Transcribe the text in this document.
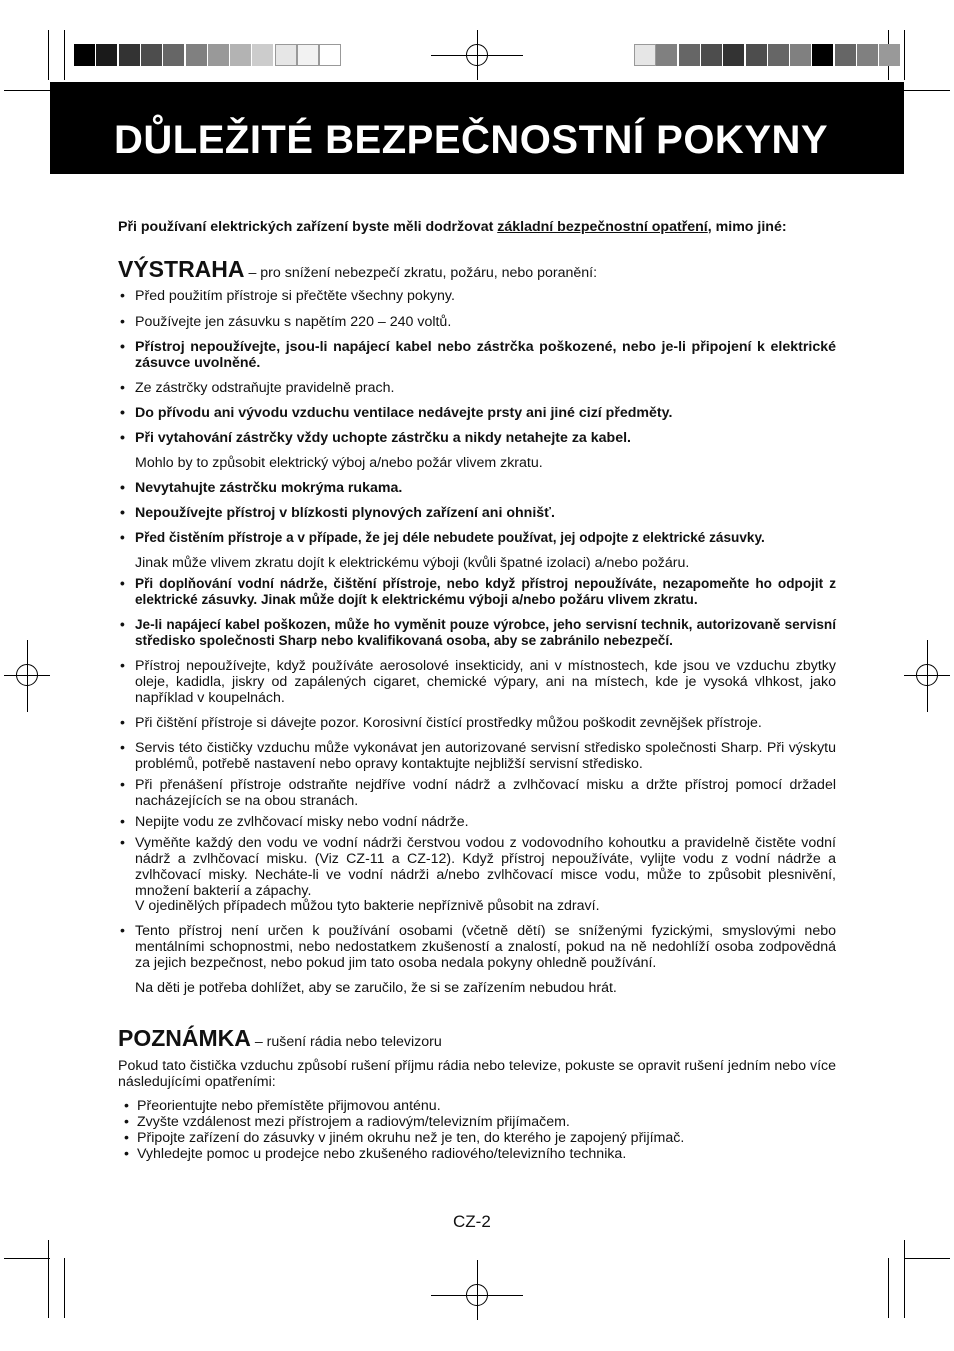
DŮLEŽITÉ BEZPEČNOSTNÍ POKYNY
Při používaní elektrických zařízení byste měli dodržovat základní bezpečnostní opatření, mimo jiné:
VÝSTRAHA – pro snížení nebezpečí zkratu, požáru, nebo poranění:
• Před použitím přístroje si přečtěte všechny pokyny.
• Používejte jen zásuvku s napětím 220 – 240 voltů.
• Přístroj nepoužívejte, jsou-li napájecí kabel nebo zástrčka poškozené, nebo je-li připojení k elektrické zásuvce uvolněné.
• Ze zástrčky odstraňujte pravidelně prach.
• Do přívodu ani vývodu vzduchu ventilace nedávejte prsty ani jiné cizí předměty.
• Při vytahování zástrčky vždy uchopte zástrčku a nikdy netahejte za kabel.
Mohlo by to způsobit elektrický výboj a/nebo požár vlivem zkratu.
• Nevytahujte zástrčku mokrýma rukama.
• Nepoužívejte přístroj v blízkosti plynových zařízení ani ohnišť.
• Před čistěním přístroje a v případe, že jej déle nebudete používat, jej odpojte z elektrické zásuvky.
Jinak může vlivem zkratu dojít k elektrickému výboji (kvůli špatné izolaci) a/nebo požáru.
• Při doplňování vodní nádrže, čištění přístroje, nebo když přístroj nepoužíváte, nezapomeňte ho odpojit z elektrické zásuvky. Jinak může dojít k elektrickému výboji a/nebo požáru vlivem zkratu.
• Je-li napájecí kabel poškozen, může ho vyměnit pouze výrobce, jeho servisní technik, autorizovaně servisní středisko společnosti Sharp nebo kvalifikovaná osoba, aby se zabránilo nebezpečí.
• Přístroj nepoužívejte, když používáte aerosolové insekticidy, ani v místnostech, kde jsou ve vzduchu zbytky oleje, kadidla, jiskry od zapálených cigaret, chemické výpary, ani na místech, kde je vysoká vlhkost, jako například v koupelnách.
• Při čištění přístroje si dávejte pozor. Korosivní čistící prostředky můžou poškodit zevnějšek přístroje.
• Servis této čističky vzduchu může vykonávat jen autorizované servisní středisko společnosti Sharp. Při výskytu problémů, potřebě nastavení nebo opravy kontaktujte nejbližší servisní středisko.
• Při přenášení přístroje odstraňte nejdříve vodní nádrž a zvlhčovací misku a držte přístroj pomocí držadel nacházejících se na obou stranách.
• Nepijte vodu ze zvlhčovací misky nebo vodní nádrže.
• Vyměňte každý den vodu ve vodní nádrži čerstvou vodou z vodovodního kohoutku a pravidelně čistěte vodní nádrž a zvlhčovací misku. (Viz CZ-11 a CZ-12). Když přístroj nepoužíváte, vylijte vodu z vodní nádrže a zvlhčovací misky. Necháte-li ve vodní nádrži a/nebo zvlhčovací misce vodu, může to způsobit plesnivění, množení bakterií a zápachy.
V ojedinělých případech můžou tyto bakterie nepříznivě působit na zdraví.
• Tento přístroj není určen k používání osobami (včetně dětí) se sníženými fyzickými, smyslovými nebo mentálními schopnostmi, nebo nedostatkem zkušeností a znalostí, pokud na ně nedohlíží osoba zodpovědná za jejich bezpečnost, nebo pokud jim tato osoba nedala pokyny ohledně používání.
Na děti je potřeba dohlížet, aby se zaručilo, že si se zařízením nebudou hrát.
POZNÁMKA – rušení rádia nebo televizoru
Pokud tato čistička vzduchu způsobí rušení příjmu rádia nebo televize, pokuste se opravit rušení jedním nebo více následujícími opatřeními:
• Přeorientujte nebo přemístěte přijmovou anténu.
• Zvyšte vzdálenost mezi přístrojem a radiovým/televizním přijímačem.
• Připojte zařízení do zásuvky v jiném okruhu než je ten, do kterého je zapojený přijímač.
• Vyhledejte pomoc u prodejce nebo zkušeného radiového/televizního technika.
CZ-2
